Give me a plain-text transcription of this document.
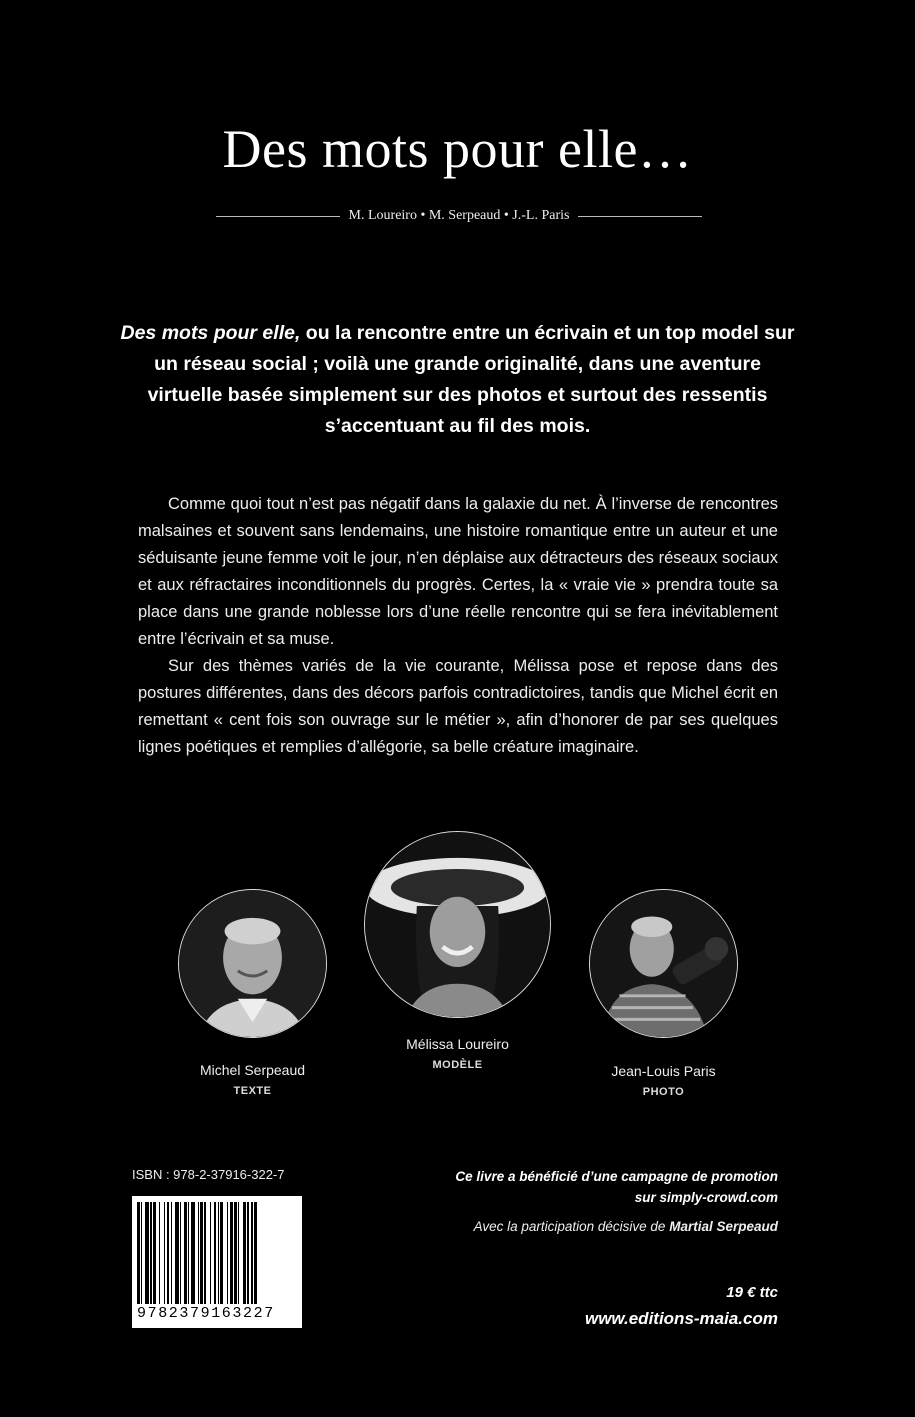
Des mots pour elle…
M. Loureiro • M. Serpeaud • J.-L. Paris
Des mots pour elle, ou la rencontre entre un écrivain et un top model sur un réseau social ; voilà une grande originalité, dans une aventure virtuelle basée simplement sur des photos et surtout des ressentis s’accentuant au fil des mois.

Comme quoi tout n’est pas négatif dans la galaxie du net. À l’inverse de rencontres malsaines et souvent sans lendemains, une histoire romantique entre un auteur et une séduisante jeune femme voit le jour, n’en déplaise aux détracteurs des réseaux sociaux et aux réfractaires inconditionnels du progrès. Certes, la « vraie vie » prendra toute sa place dans une grande noblesse lors d’une réelle rencontre qui se fera inévitablement entre l’écrivain et sa muse.

Sur des thèmes variés de la vie courante, Mélissa pose et repose dans des postures différentes, dans des décors parfois contradictoires, tandis que Michel écrit en remettant « cent fois son ouvrage sur le métier », afin d’honorer de par ses quelques lignes poétiques et remplies d’allégorie, sa belle créature imaginaire.

Michel Serpeaud
TEXTE
Mélissa Loureiro
MODÈLE	Jean-Louis Paris
PHOTO
ISBN : 978-2-37916-322-7
9782379163227
Ce livre a bénéficié d’une campagne de promotion
sur simply-crowd.com
Avec la participation décisive de Martial Serpeaud
19 € ttc
www.editions-maia.com
